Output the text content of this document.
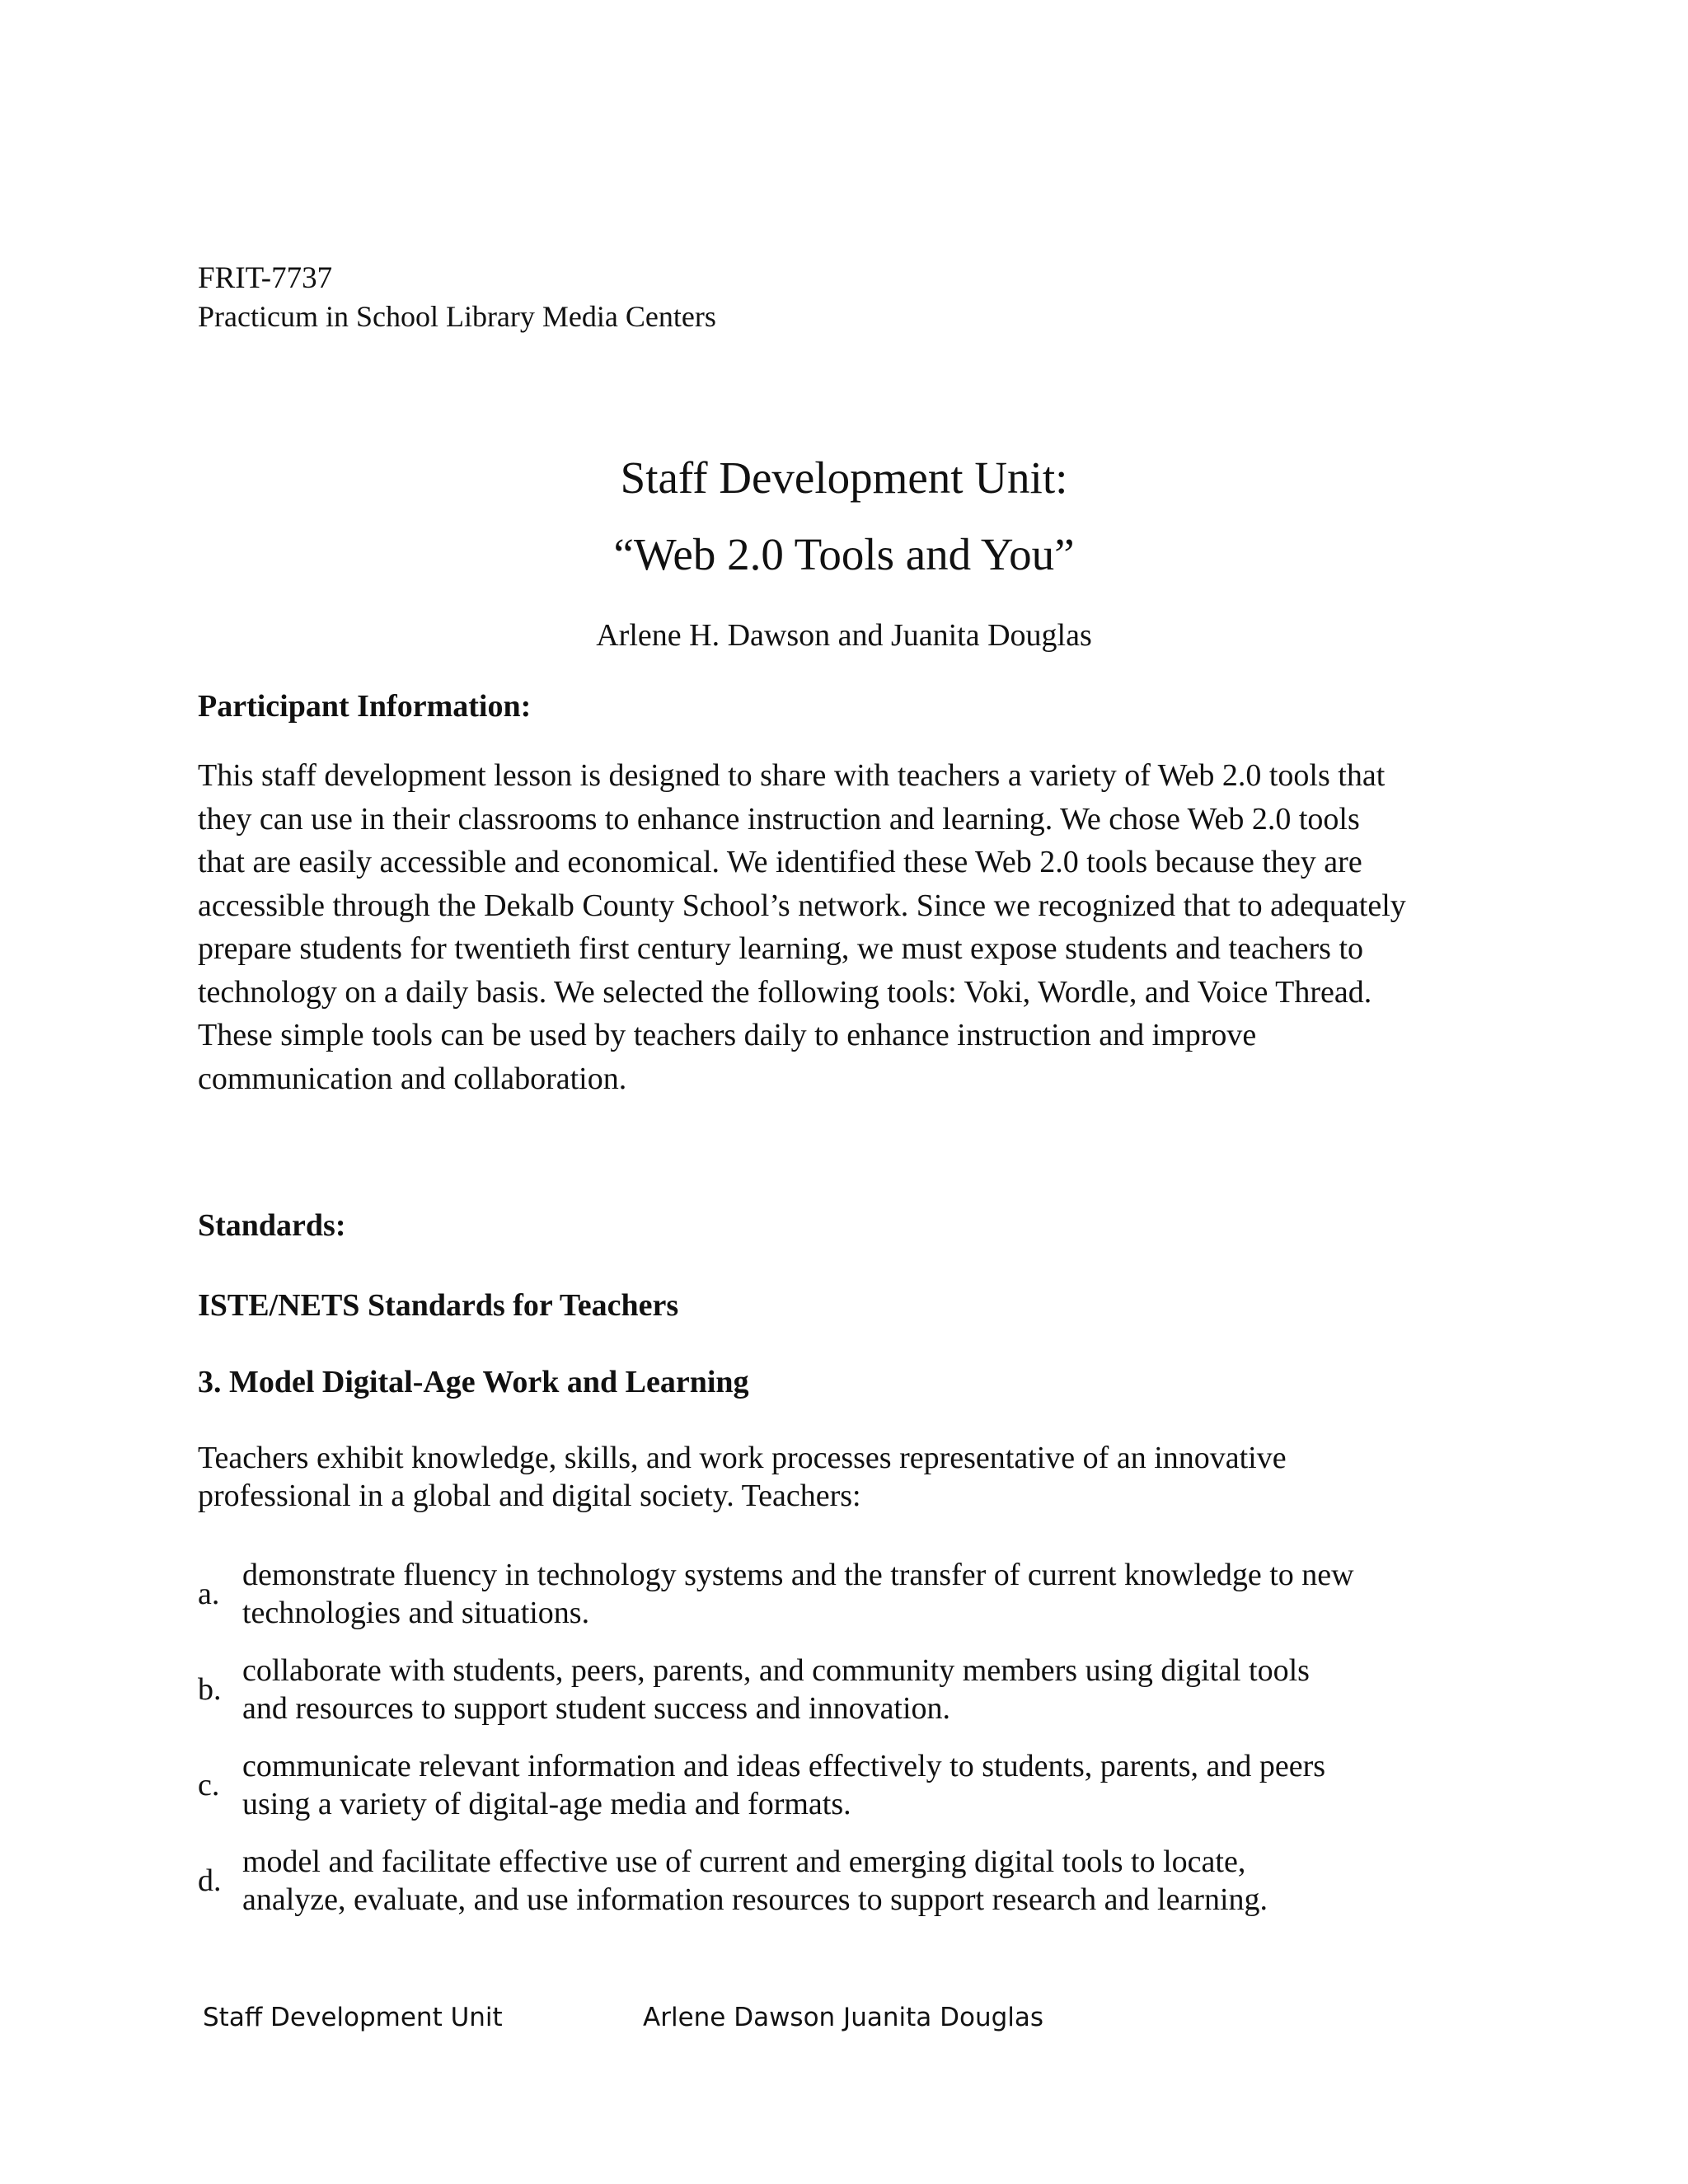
FRIT-7737
Practicum in School Library Media Centers
Staff Development Unit:
“Web 2.0 Tools and You”
Arlene H. Dawson and Juanita Douglas
Participant Information:
This staff development lesson is designed to share with teachers a variety of Web 2.0 tools that
they can use in their classrooms to enhance instruction and learning. We chose Web 2.0 tools
that are easily accessible and economical. We identified these Web 2.0 tools because they are
accessible through the Dekalb County School’s network. Since we recognized that to adequately
prepare students for twentieth first century learning, we must expose students and teachers to
technology on a daily basis. We selected the following tools: Voki, Wordle, and Voice Thread.
These simple tools can be used by teachers daily to enhance instruction and improve
communication and collaboration.
Standards:
ISTE/NETS Standards for Teachers
3. Model Digital-Age Work and Learning
Teachers exhibit knowledge, skills, and work processes representative of an innovative
professional in a global and digital society. Teachers:
a.
demonstrate fluency in technology systems and the transfer of current knowledge to new
technologies and situations.
b.
collaborate with students, peers, parents, and community members using digital tools
and resources to support student success and innovation.
c.
communicate relevant information and ideas effectively to students, parents, and peers
using a variety of digital-age media and formats.
d.
model and facilitate effective use of current and emerging digital tools to locate,
analyze, evaluate, and use information resources to support research and learning.
Staff Development Unit	Arlene Dawson Juanita Douglas
